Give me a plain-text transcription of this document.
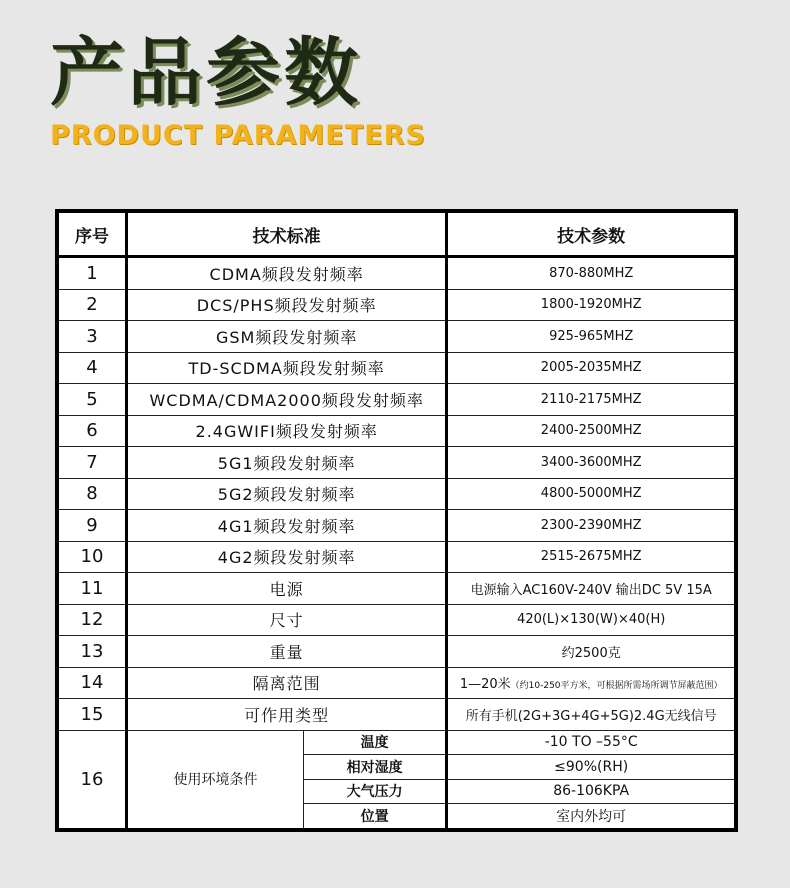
产品参数
PRODUCT PARAMETERS
序号	技术标准		技术参数
1	CDMA频段发射频率		870-880MHZ
2	DCS/PHS频段发射频率		1800-1920MHZ
3	GSM频段发射频率		925-965MHZ
4	TD-SCDMA频段发射频率		2005-2035MHZ
5	WCDMA/CDMA2000频段发射频率		2110-2175MHZ
6	2.4GWIFI频段发射频率		2400-2500MHZ
7	5G1频段发射频率		3400-3600MHZ
8	5G2频段发射频率		4800-5000MHZ
9	4G1频段发射频率		2300-2390MHZ
10	4G2频段发射频率		2515-2675MHZ
11	电源		电源输入AC160V-240V 输出DC 5V 15A
12	尺寸		420(L)×130(W)×40(H)
13	重量		约2500克
14	隔离范围		1—20米（约10-250平方米，可根据所需场所调节屏蔽范围）
15	可作用类型		所有手机(2G+3G+4G+5G)2.4G无线信号
16	使用环境条件	温度	-10 TO –55°C
		相对湿度	≤90%(RH)
		大气压力	86-106KPA
		位置	室内外均可
